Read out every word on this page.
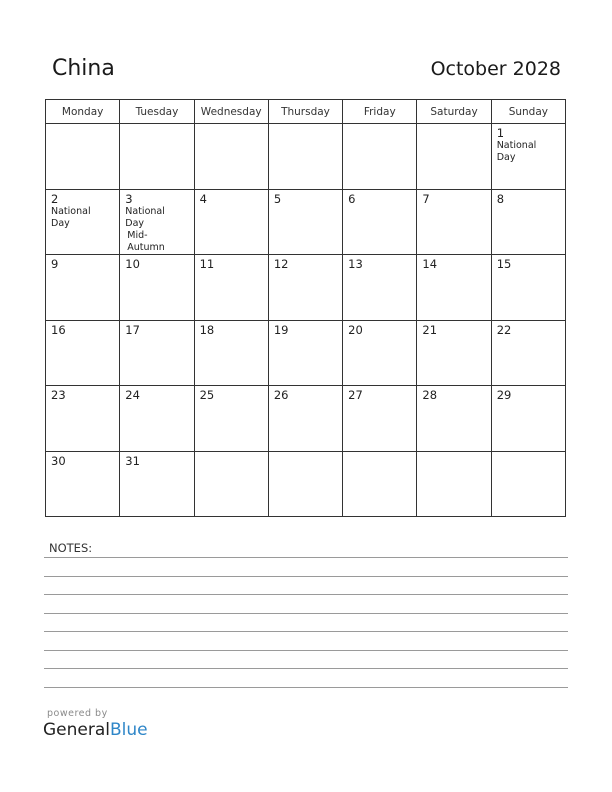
China	October 2028
Monday	Tuesday	Wednesday	Thursday	Friday	Saturday	Sunday

						1
National
Day

2
National
Day	3
National
Day
Mid-
Autumn	4	5	6	7	8

9	10	11	12	13	14	15

16	17	18	19	20	21	22

23	24	25	26	27	28	29

30	31					

NOTES:
powered by
GeneralBlue
